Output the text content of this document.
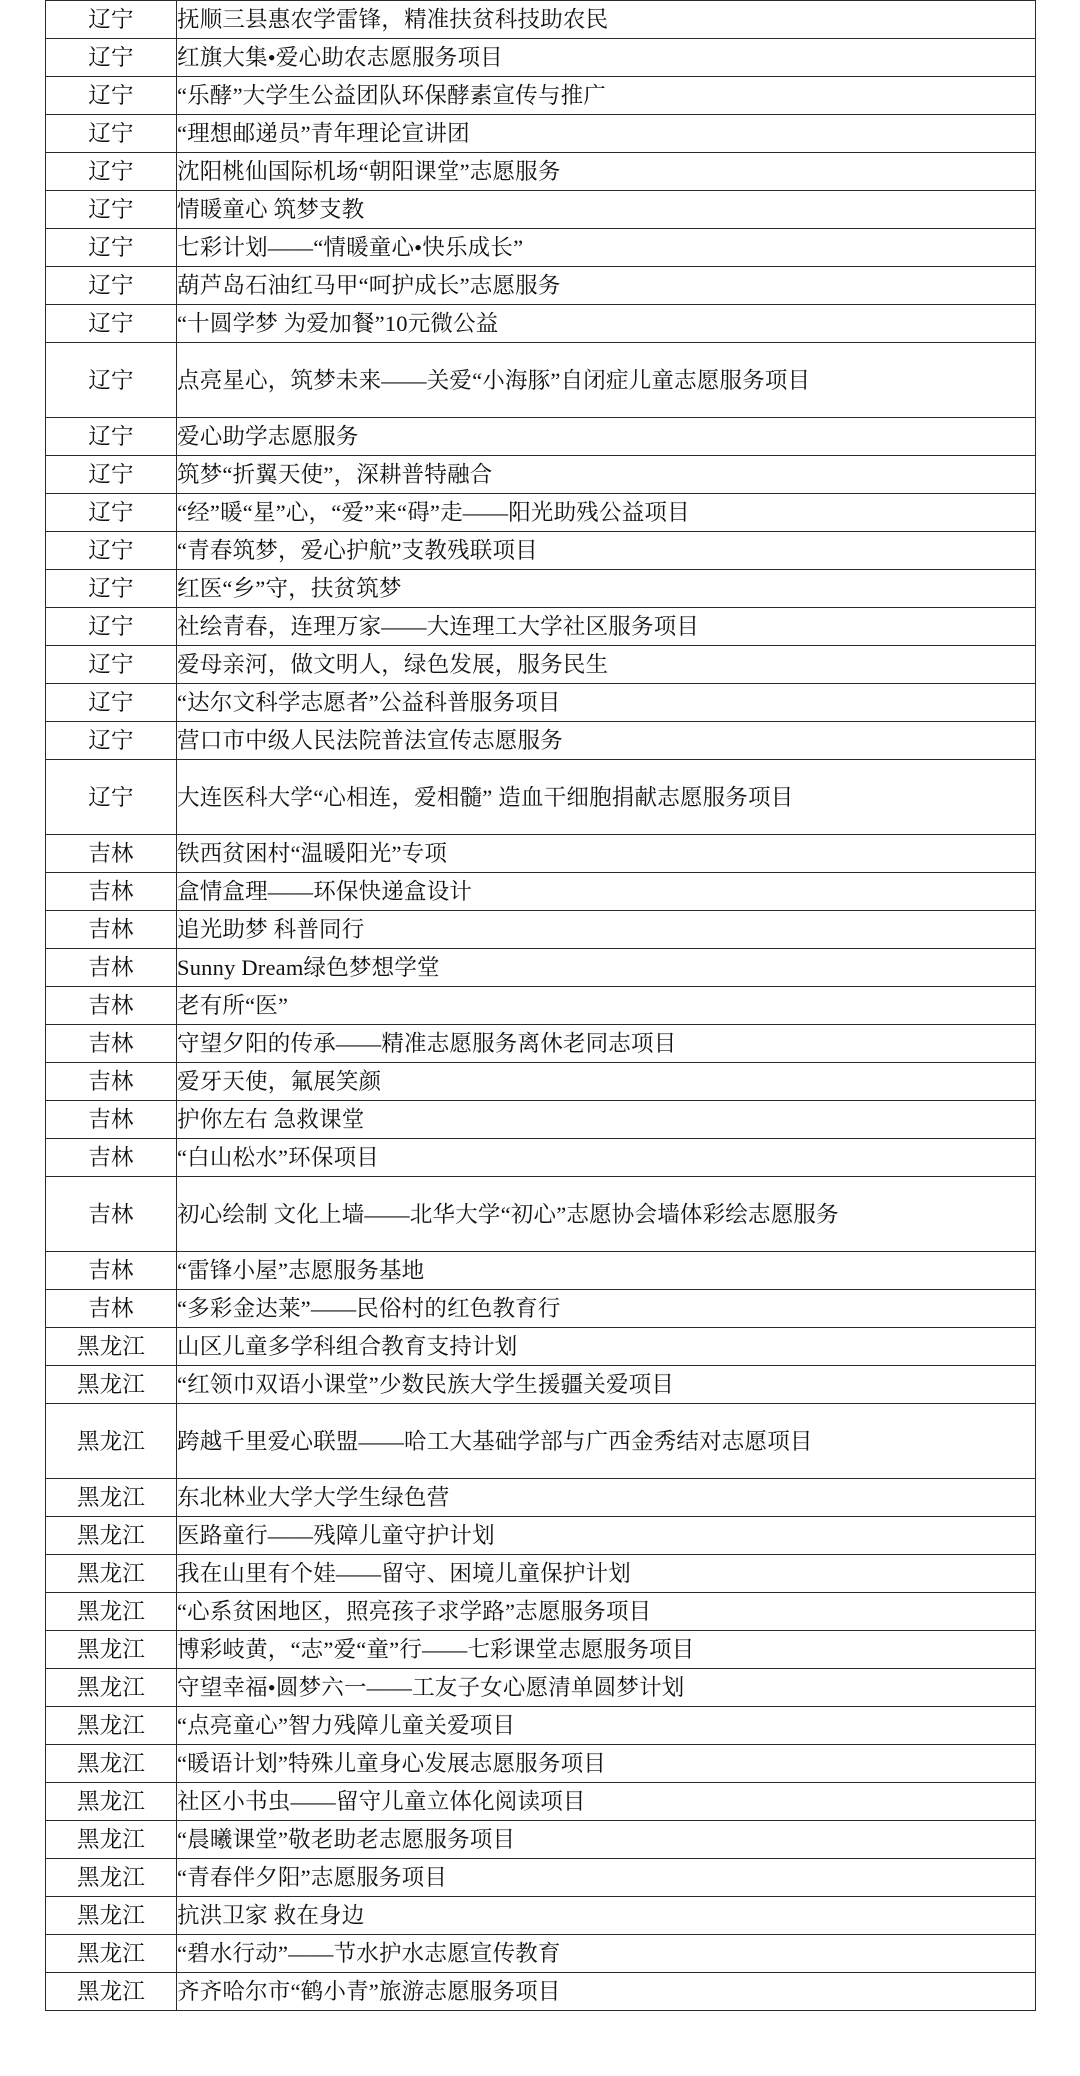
辽宁	抚顺三县惠农学雷锋，精准扶贫科技助农民

辽宁	红旗大集•爱心助农志愿服务项目

辽宁	“乐酵”大学生公益团队环保酵素宣传与推广

辽宁	“理想邮递员”青年理论宣讲团

辽宁	沈阳桃仙国际机场“朝阳课堂”志愿服务

辽宁	情暖童心 筑梦支教

辽宁	七彩计划——“情暖童心•快乐成长”

辽宁	葫芦岛石油红马甲“呵护成长”志愿服务

辽宁	“十圆学梦 为爱加餐”10元微公益

辽宁	点亮星心，筑梦未来——关爱“小海豚”自闭症儿童志愿服务项目

辽宁	爱心助学志愿服务

辽宁	筑梦“折翼天使”，深耕普特融合

辽宁	“经”暖“星”心，“爱”来“碍”走——阳光助残公益项目

辽宁	“青春筑梦，爱心护航”支教残联项目

辽宁	红医“乡”守，扶贫筑梦

辽宁	社绘青春，连理万家——大连理工大学社区服务项目

辽宁	爱母亲河，做文明人，绿色发展，服务民生

辽宁	“达尔文科学志愿者”公益科普服务项目

辽宁	营口市中级人民法院普法宣传志愿服务

辽宁	大连医科大学“心相连，爱相髓” 造血干细胞捐献志愿服务项目

吉林	铁西贫困村“温暖阳光”专项

吉林	盒情盒理——环保快递盒设计

吉林	追光助梦 科普同行

吉林	Sunny Dream绿色梦想学堂

吉林	老有所“医”

吉林	守望夕阳的传承——精准志愿服务离休老同志项目

吉林	爱牙天使，氟展笑颜

吉林	护你左右 急救课堂

吉林	“白山松水”环保项目

吉林	初心绘制 文化上墙——北华大学“初心”志愿协会墙体彩绘志愿服务

吉林	“雷锋小屋”志愿服务基地

吉林	“多彩金达莱”——民俗村的红色教育行

黑龙江	山区儿童多学科组合教育支持计划

黑龙江	“红领巾双语小课堂”少数民族大学生援疆关爱项目

黑龙江	跨越千里爱心联盟——哈工大基础学部与广西金秀结对志愿项目

黑龙江	东北林业大学大学生绿色营

黑龙江	医路童行——残障儿童守护计划

黑龙江	我在山里有个娃——留守、困境儿童保护计划

黑龙江	“心系贫困地区，照亮孩子求学路”志愿服务项目

黑龙江	博彩岐黄，“志”爱“童”行——七彩课堂志愿服务项目

黑龙江	守望幸福•圆梦六一——工友子女心愿清单圆梦计划

黑龙江	“点亮童心”智力残障儿童关爱项目

黑龙江	“暖语计划”特殊儿童身心发展志愿服务项目

黑龙江	社区小书虫——留守儿童立体化阅读项目

黑龙江	“晨曦课堂”敬老助老志愿服务项目

黑龙江	“青春伴夕阳”志愿服务项目

黑龙江	抗洪卫家 救在身边

黑龙江	“碧水行动”——节水护水志愿宣传教育

黑龙江	齐齐哈尔市“鹤小青”旅游志愿服务项目
